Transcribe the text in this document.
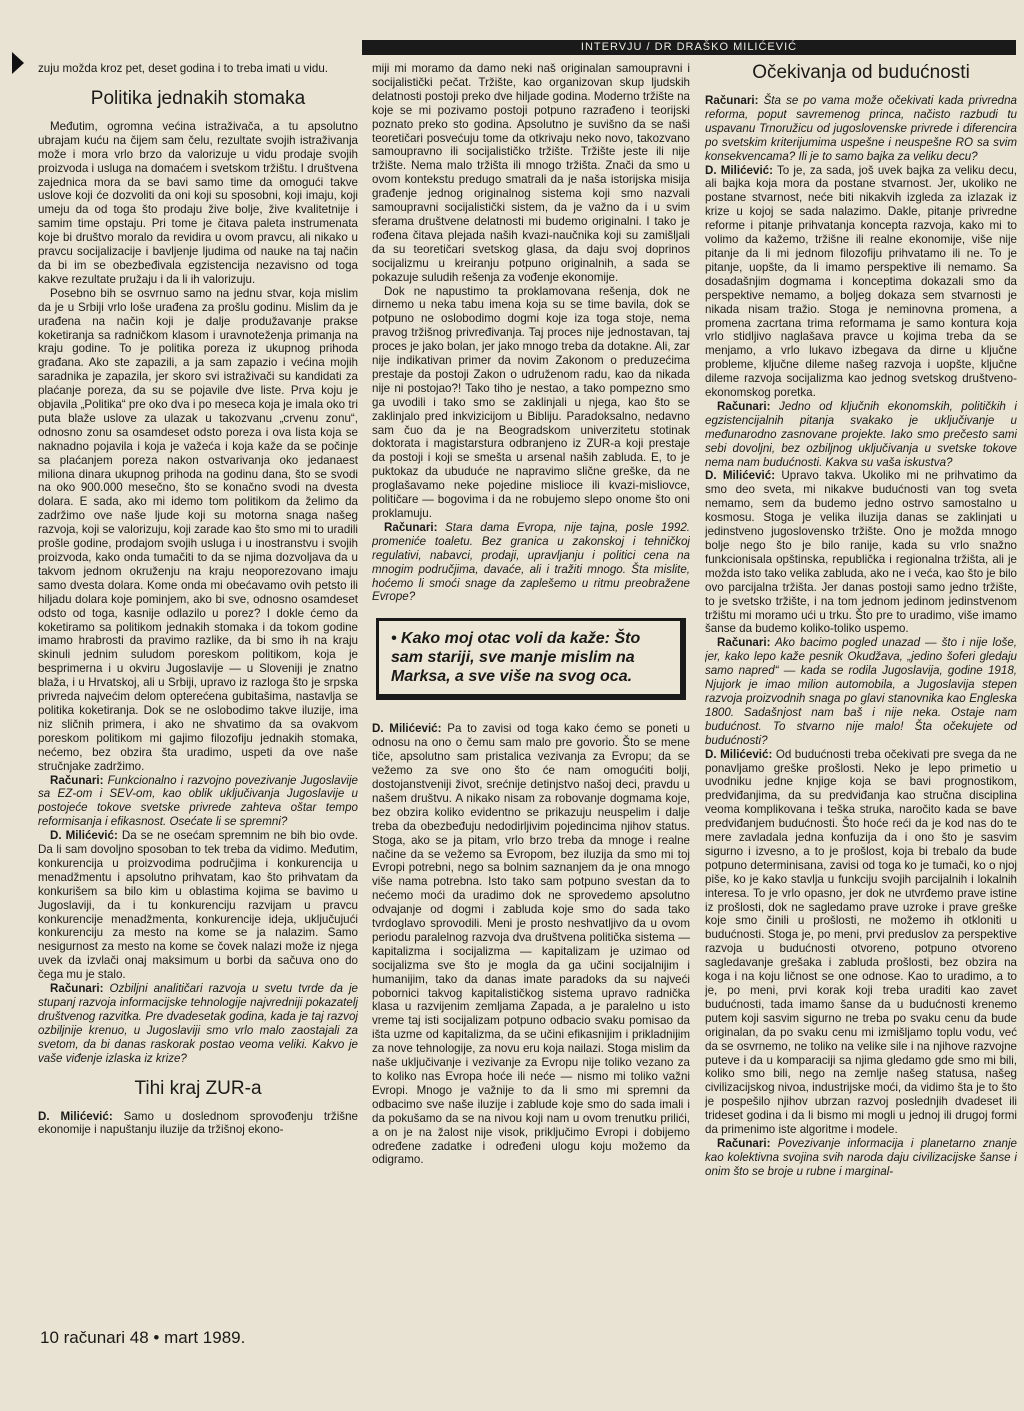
INTERVJU / DR DRAŠKO MILIĆEVIĆ

zuju možda kroz pet, deset godina i to treba imati u vidu.

Politika jednakih stomaka

Međutim, ogromna većina istraživača, a tu apsolutno ubrajam kuću na čijem sam čelu, rezultate svojih istraživanja može i mora vrlo brzo da valorizuje u vidu prodaje svojih proizvoda i usluga na domaćem i svetskom tržištu. I društvena zajednica mora da se bavi samo time da omogući takve uslove koji će dozvoliti da oni koji su sposobni, koji imaju, koji umeju da od toga što prodaju žive bolje, žive kvalitetnije i samim time opstaju. Pri tome je čitava paleta instrumenata koje bi društvo moralo da revidira u ovom pravcu, ali nikako u pravcu socijalizacije i bavljenje ljudima od nauke na taj način da bi im se obezbeđivala egzistencija nezavisno od toga kakve rezultate pružaju i da li ih valorizuju.

Posebno bih se osvrnuo samo na jednu stvar, koja mislim da je u Srbiji vrlo loše urađena za prošlu godinu. Mislim da je urađena na način koji je dalje produžavanje prakse koketiranja sa radničkom klasom i uravnoteženja primanja na kraju godine. To je politika poreza iz ukupnog prihoda građana. Ako ste zapazili, a ja sam zapazio i većina mojih saradnika je zapazila, jer skoro svi istraživači su kandidati za plaćanje poreza, da su se pojavile dve liste. Prva koju je objavila „Politika“ pre oko dva i po meseca koja je imala oko tri puta blaže uslove za ulazak u takozvanu „crvenu zonu“, odnosno zonu sa osamdeset odsto poreza i ova lista koja se naknadno pojavila i koja je važeća i koja kaže da se počinje sa plaćanjem poreza nakon ostvarivanja oko jedanaest miliona dinara ukupnog prihoda na godinu dana, što se svodi na oko 900.000 mesečno, što se konačno svodi na dvesta dolara. E sada, ako mi idemo tom politikom da želimo da zadržimo ove naše ljude koji su motorna snaga našeg razvoja, koji se valorizuju, koji zarade kao što smo mi to uradili prošle godine, prodajom svojih usluga i u inostranstvu i svojih proizvoda, kako onda tumačiti to da se njima dozvoljava da u takvom jednom okruženju na kraju neoporezovano imaju samo dvesta dolara. Kome onda mi obećavamo ovih petsto ili hiljadu dolara koje pominjem, ako bi sve, odnosno osamdeset odsto od toga, kasnije odlazilo u porez? I dokle ćemo da koketiramo sa politikom jednakih stomaka i da tokom godine imamo hrabrosti da pravimo razlike, da bi smo ih na kraju skinuli jednim suludom poreskom politikom, koja je besprimerna i u okviru Jugoslavije — u Sloveniji je znatno blaža, i u Hrvatskoj, ali u Srbiji, upravo iz razloga što je srpska privreda najvećim delom opterećena gubitašima, nastavlja se politika koketiranja. Dok se ne oslobodimo takve iluzije, ima niz sličnih primera, i ako ne shvatimo da sa ovakvom poreskom politikom mi gajimo filozofiju jednakih stomaka, nećemo, bez obzira šta uradimo, uspeti da ove naše stručnjake zadržimo.

Računari: Funkcionalno i razvojno povezivanje Jugoslavije sa EZ-om i SEV-om, kao oblik uključivanja Jugoslavije u postojeće tokove svetske privrede zahteva oštar tempo reformisanja i efikasnost. Osećate li se spremni?

D. Milićević: Da se ne osećam spremnim ne bih bio ovde. Da li sam dovoljno sposoban to tek treba da vidimo. Međutim, konkurencija u proizvodima područjima i konkurencija u menadžmentu i apsolutno prihvatam, kao što prihvatam da konkurišem sa bilo kim u oblastima kojima se bavimo u Jugoslaviji, da i tu konkurenciju razvijam u pravcu konkurencije menadžmenta, konkurencije ideja, uključujući konkurenciju za mesto na kome se ja nalazim. Samo nesigurnost za mesto na kome se čovek nalazi može iz njega uvek da izvlači onaj maksimum u borbi da sačuva ono do čega mu je stalo.

Računari: Ozbiljni analitičari razvoja u svetu tvrde da je stupanj razvoja informacijske tehnologije najvredniji pokazatelj društvenog razvitka. Pre dvadesetak godina, kada je taj razvoj ozbiljnije krenuo, u Jugoslaviji smo vrlo malo zaostajali za svetom, da bi danas raskorak postao veoma veliki. Kakvo je vaše viđenje izlaska iz krize?

Tihi kraj ZUR-a

D. Milićević: Samo u doslednom sprovođenju tržišne ekonomije i napuštanju iluzije da tržišnoj ekono-

miji mi moramo da damo neki naš originalan samoupravni i socijalistički pečat. Tržište, kao organizovan skup ljudskih delatnosti postoji preko dve hiljade godina. Moderno tržište na koje se mi pozivamo postoji potpuno razrađeno i teorijski poznato preko sto godina. Apsolutno je suvišno da se naši teoretičari posvećuju tome da otkrivaju neko novo, takozvano samoupravno ili socijalističko tržište. Tržište jeste ili nije tržište. Nema malo tržišta ili mnogo tržišta. Znači da smo u ovom kontekstu predugo smatrali da je naša istorijska misija građenje jednog originalnog sistema koji smo nazvali samoupravni socijalistički sistem, da je važno da i u svim sferama društvene delatnosti mi budemo originalni. I tako je rođena čitava plejada naših kvazi-naučnika koji su zamišljali da su teoretičari svetskog glasa, da daju svoj doprinos socijalizmu u kreiranju potpuno originalnih, a sada se pokazuje suludih rešenja za vođenje ekonomije.

Dok ne napustimo ta proklamovana rešenja, dok ne dirnemo u neka tabu imena koja su se time bavila, dok se potpuno ne oslobodimo dogmi koje iza toga stoje, nema pravog tržišnog privređivanja. Taj proces nije jednostavan, taj proces je jako bolan, jer jako mnogo treba da dotakne. Ali, zar nije indikativan primer da novim Zakonom o preduzećima prestaje da postoji Zakon o udruženom radu, kao da nikada nije ni postojao?! Tako tiho je nestao, a tako pompezno smo ga uvodili i tako smo se zaklinjali u njega, kao što se zaklinjalo pred inkvizicijom u Bibliju. Paradoksalno, nedavno sam čuo da je na Beogradskom univerzitetu stotinak doktorata i magistarstura odbranjeno iz ZUR-a koji prestaje da postoji i koji se smešta u arsenal naših zabluda. E, to je puktokaz da ubuduće ne napravimo slične greške, da ne proglašavamo neke pojedine mislioce ili kvazi-misliovce, političare — bogovima i da ne robujemo slepo onome što oni proklamuju.

Računari: Stara dama Evropa, nije tajna, posle 1992. promeniće toaletu. Bez granica u zakonskoj i tehničkoj regulativi, nabavci, prodaji, upravljanju i politici cena na mnogim područjima, davaće, ali i tražiti mnogo. Šta mislite, hoćemo li smoći snage da zaplešemo u ritmu preobražene Evrope?

• Kako moj otac voli da kaže: Što sam stariji, sve manje mislim na Marksa, a sve više na svog oca.

D. Milićević: Pa to zavisi od toga kako ćemo se poneti u odnosu na ono o čemu sam malo pre govorio. Što se mene tiče, apsolutno sam pristalica vezivanja za Evropu; da se vežemo za sve ono što će nam omogućiti bolji, dostojanstveniji život, srećnije detinjstvo našoj deci, pravdu u našem društvu. A nikako nisam za robovanje dogmama koje, bez obzira koliko evidentno se prikazuju neuspelim i dalje treba da obezbeđuju nedodirljivim pojedincima njihov status. Stoga, ako se ja pitam, vrlo brzo treba da mnoge i realne načine da se vežemo sa Evropom, bez iluzija da smo mi toj Evropi potrebni, nego sa bolnim saznanjem da je ona mnogo više nama potrebna. Isto tako sam potpuno svestan da to nećemo moći da uradimo dok ne sprovedemo apsolutno odvajanje od dogmi i zabluda koje smo do sada tako tvrdoglavo sprovodili. Meni je prosto neshvatljivo da u ovom periodu paralelnog razvoja dva društvena politička sistema — kapitalizma i socijalizma — kapitalizam je uzimao od socijalizma sve što je mogla da ga učini socijalnijim i humanijim, tako da danas imate paradoks da su najveći pobornici takvog kapitalističkog sistema upravo radnička klasa u razvijenim zemljama Zapada, a je paralelno u isto vreme taj isti socijalizam potpuno odbacio svaku pomisao da išta uzme od kapitalizma, da se učini efikasnijim i prikladnijim za nove tehnologije, za novu eru koja nailazi. Stoga mislim da naše uključivanje i vezivanje za Evropu nije toliko vezano za to koliko nas Evropa hoće ili neće — nismo mi toliko važni Evropi. Mnogo je važnije to da li smo mi spremni da odbacimo sve naše iluzije i zablude koje smo do sada imali i da pokušamo da se na nivou koji nam u ovom trenutku prilići, a on je na žalost nije visok, priključimo Evropi i dobijemo određene zadatke i određeni ulogu koju možemo da odigramo.

Očekivanja od budućnosti

Računari: Šta se po vama može očekivati kada privredna reforma, poput savremenog princa, načisto razbudi tu uspavanu Trnoružicu od jugoslovenske privrede i diferencira po svetskim kriterijumima uspešne i neuspešne RO sa svim konsekvencama? Ili je to samo bajka za veliku decu?

D. Milićević: To je, za sada, još uvek bajka za veliku decu, ali bajka koja mora da postane stvarnost. Jer, ukoliko ne postane stvarnost, neće biti nikakvih izgleda za izlazak iz krize u kojoj se sada nalazimo. Dakle, pitanje privredne reforme i pitanje prihvatanja koncepta razvoja, kako mi to volimo da kažemo, tržišne ili realne ekonomije, više nije pitanje da li mi jednom filozofiju prihvatamo ili ne. To je pitanje, uopšte, da li imamo perspektive ili nemamo. Sa dosadašnjim dogmama i konceptima dokazali smo da perspektive nemamo, a boljeg dokaza sem stvarnosti je nikada nisam tražio. Stoga je neminovna promena, a promena zacrtana trima reformama je samo kontura koja vrlo stidljivo naglašava pravce u kojima treba da se menjamo, a vrlo lukavo izbegava da dirne u ključne probleme, ključne dileme našeg razvoja i uopšte, ključne dileme razvoja socijalizma kao jednog svetskog društveno-ekonomskog poretka.

Računari: Jedno od ključnih ekonomskih, političkih i egzistencijalnih pitanja svakako je uključivanje u međunarodno zasnovane projekte. Iako smo prečesto sami sebi dovoljni, bez ozbiljnog uključivanja u svetske tokove nema nam budućnosti. Kakva su vaša iskustva?

D. Milićević: Upravo takva. Ukoliko mi ne prihvatimo da smo deo sveta, mi nikakve budućnosti van tog sveta nemamo, sem da budemo jedno ostrvo samostalno u kosmosu. Stoga je velika iluzija danas se zaklinjati u jedinstveno jugoslovensko tržište. Ono je možda mnogo bolje nego što je bilo ranije, kada su vrlo snažno funkcionisala opštinska, republička i regionalna tržišta, ali je možda isto tako velika zabluda, ako ne i veća, kao što je bilo ovo parcijalna tržišta. Jer danas postoji samo jedno tržište, to je svetsko tržište, i na tom jednom jedinom jedinstvenom tržištu mi moramo ući u trku. Što pre to uradimo, više imamo šanse da budemo koliko-toliko uspemo.

Računari: Ako bacimo pogled unazad — što i nije loše, jer, kako lepo kaže pesnik Okudžava, „jedino šoferi gledaju samo napred“ — kada se rodila Jugoslavija, godine 1918, Njujork je imao milion automobila, a Jugoslavija stepen razvoja proizvodnih snaga po glavi stanovnika kao Engleska 1800. Sadašnjost nam baš i nije neka. Ostaje nam budućnost. To stvarno nije malo! Šta očekujete od budućnosti?

D. Milićević: Od budućnosti treba očekivati pre svega da ne ponavljamo greške prošlosti. Neko je lepo primetio u uvodniku jedne knjige koja se bavi prognostikom, predviđanjima, da su predviđanja kao stručna disciplina veoma komplikovana i teška struka, naročito kada se bave predviđanjem budućnosti. Što hoće reći da je kod nas do te mere zavladala jedna konfuzija da i ono što je sasvim sigurno i izvesno, a to je prošlost, koja bi trebalo da bude potpuno determinisana, zavisi od toga ko je tumači, ko o njoj piše, ko je kako stavlja u funkciju svojih parcijalnih i lokalnih interesa. To je vrlo opasno, jer dok ne utvrđemo prave istine iz prošlosti, dok ne sagledamo prave uzroke i prave greške koje smo činili u prošlosti, ne možemo ih otkloniti u budućnosti. Stoga je, po meni, prvi preduslov za perspektive razvoja u budućnosti otvoreno, potpuno otvoreno sagledavanje grešaka i zabluda prošlosti, bez obzira na koga i na koju ličnost se one odnose. Kao to uradimo, a to je, po meni, prvi korak koji treba uraditi kao zavet budućnosti, tada imamo šanse da u budućnosti krenemo putem koji sasvim sigurno ne treba po svaku cenu da bude originalan, da po svaku cenu mi izmišljamo toplu vodu, već da se osvrnemo, ne toliko na velike sile i na njihove razvojne puteve i da u komparaciji sa njima gledamo gde smo mi bili, koliko smo bili, nego na zemlje našeg statusa, našeg civilizacijskog nivoa, industrijske moći, da vidimo šta je to što je pospešilo njihov ubrzan razvoj poslednjih dvadeset ili trideset godina i da li bismo mi mogli u jednoj ili drugoj formi da primenimo iste algoritme i modele.

Računari: Povezivanje informacija i planetarno znanje kao kolektivna svojina svih naroda daju civilizacijske šanse i onim što se broje u rubne i marginal-

10 računari 48 • mart 1989.
